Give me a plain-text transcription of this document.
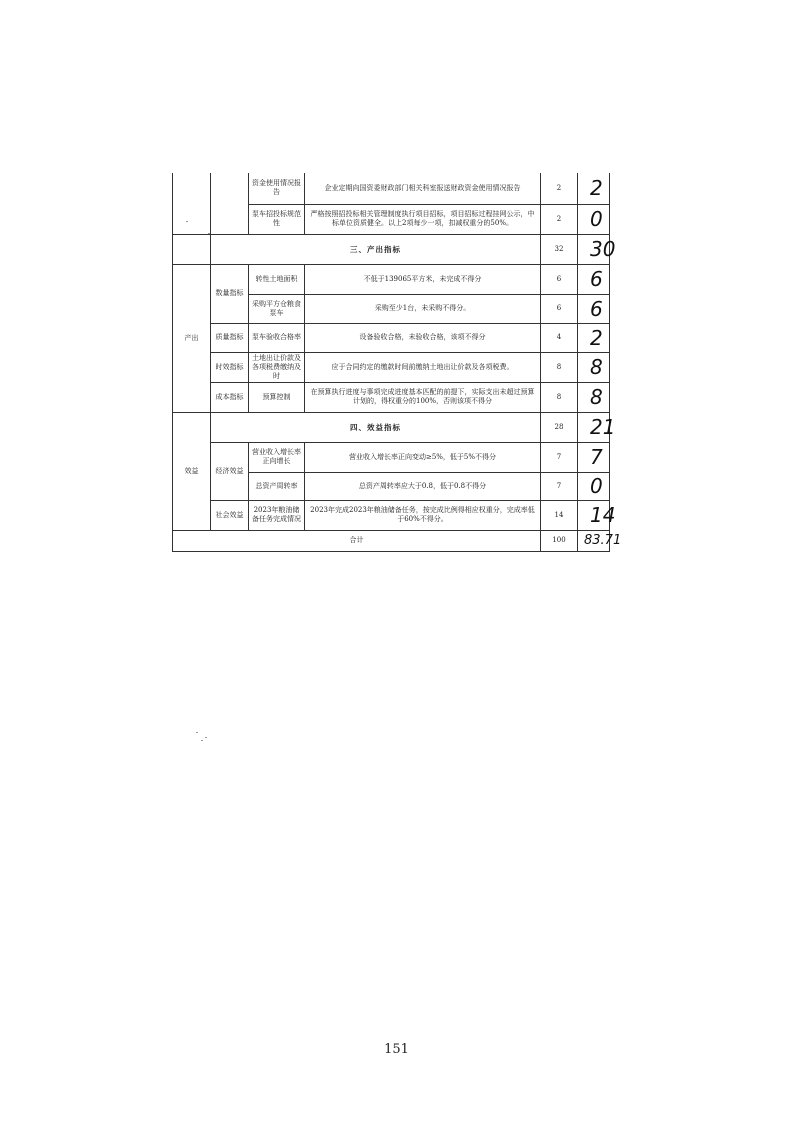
		资金使用情况报告	企业定期向国资委财政部门相关科室报送财政资金使用情况报告	2	2
		泵车招投标规范性	严格按照招投标相关管理制度执行项目招标，项目招标过程挂网公示，中标单位资质健全。以上2项每少一项，扣减权重分的50%。	2	0
	三、产出指标			32	30
产出	数量指标	转性土地面积	不低于139065平方米，未完成不得分	6	6
		采购平方仓粮食泵车	采购至少1台，未采购不得分。	6	6
	质量指标	泵车验收合格率	设备验收合格，未验收合格，该项不得分	4	2
	时效指标	土地出让价款及各项税费缴纳及时	应于合同约定的缴款时间前缴纳土地出让价款及各项税费。	8	8
	成本指标	预算控制	在预算执行进度与事项完成进度基本匹配的前提下，实际支出未超过预算计划的，得权重分的100%，否则该项不得分	8	8
效益	四、效益指标			28	21
	经济效益	营业收入增长率正向增长	营业收入增长率正向变动≥5%，低于5%不得分	7	7
		总资产周转率	总资产周转率应大于0.8，低于0.8不得分	7	0
	社会效益	2023年粮油储备任务完成情况	2023年完成2023年粮油储备任务，按完成比例得相应权重分，完成率低于60%不得分。	14	14
合计				100	83.71
151
